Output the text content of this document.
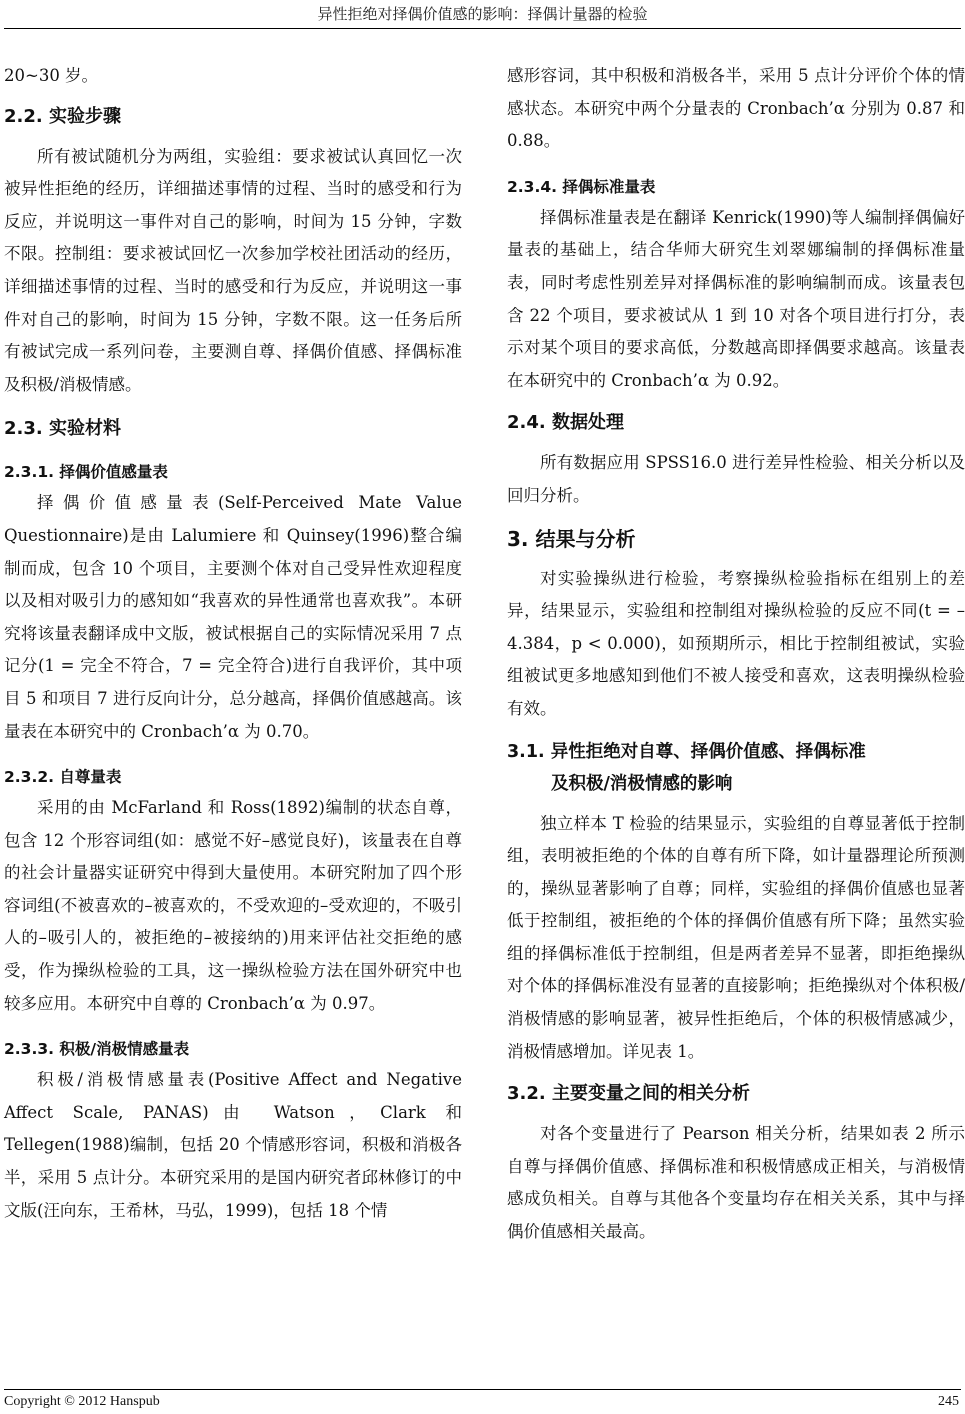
异性拒绝对择偶价值感的影响：择偶计量器的检验

20~30 岁。

2.2. 实验步骤

所有被试随机分为两组，实验组：要求被试认真回忆一次被异性拒绝的经历，详细描述事情的过程、当时的感受和行为反应，并说明这一事件对自己的影响，时间为 15 分钟，字数不限。控制组：要求被试回忆一次参加学校社团活动的经历，详细描述事情的过程、当时的感受和行为反应，并说明这一事件对自己的影响，时间为 15 分钟，字数不限。这一任务后所有被试完成一系列问卷，主要测自尊、择偶价值感、择偶标准及积极/消极情感。

2.3. 实验材料
2.3.1. 择偶价值感量表

择偶价值感量表(Self-Perceived Mate Value Questionnaire)是由 Lalumiere 和 Quinsey(1996)整合编制而成，包含 10 个项目，主要测个体对自己受异性欢迎程度以及相对吸引力的感知如“我喜欢的异性通常也喜欢我”。本研究将该量表翻译成中文版，被试根据自己的实际情况采用 7 点记分(1 = 完全不符合，7 = 完全符合)进行自我评价，其中项目 5 和项目 7 进行反向计分，总分越高，择偶价值感越高。该量表在本研究中的 Cronbach’α 为 0.70。

2.3.2. 自尊量表

采用的由 McFarland 和 Ross(1892)编制的状态自尊，包含 12 个形容词组(如：感觉不好–感觉良好)，该量表在自尊的社会计量器实证研究中得到大量使用。本研究附加了四个形容词组(不被喜欢的–被喜欢的，不受欢迎的–受欢迎的，不吸引人的–吸引人的，被拒绝的–被接纳的)用来评估社交拒绝的感受，作为操纵检验的工具，这一操纵检验方法在国外研究中也较多应用。本研究中自尊的 Cronbach’α 为 0.97。

2.3.3. 积极/消极情感量表

积极/消极情感量表(Positive Affect and Negative Affect Scale, PANAS)由 Watson，Clark 和 Tellegen(1988)编制，包括 20 个情感形容词，积极和消极各半，采用 5 点计分。本研究采用的是国内研究者邱林修订的中文版(汪向东，王希林，马弘，1999)，包括 18 个情

感形容词，其中积极和消极各半，采用 5 点计分评价个体的情感状态。本研究中两个分量表的 Cronbach’α 分别为 0.87 和 0.88。

2.3.4. 择偶标准量表

择偶标准量表是在翻译 Kenrick(1990)等人编制择偶偏好量表的基础上，结合华师大研究生刘翠娜编制的择偶标准量表，同时考虑性别差异对择偶标准的影响编制而成。该量表包含 22 个项目，要求被试从 1 到 10 对各个项目进行打分，表示对某个项目的要求高低，分数越高即择偶要求越高。该量表在本研究中的 Cronbach’α 为 0.92。

2.4. 数据处理

所有数据应用 SPSS16.0 进行差异性检验、相关分析以及回归分析。

3. 结果与分析

对实验操纵进行检验，考察操纵检验指标在组别上的差异，结果显示，实验组和控制组对操纵检验的反应不同(t = –4.384，p < 0.000)，如预期所示，相比于控制组被试，实验组被试更多地感知到他们不被人接受和喜欢，这表明操纵检验有效。

3.1. 异性拒绝对自尊、择偶价值感、择偶标准
及积极/消极情感的影响

独立样本 T 检验的结果显示，实验组的自尊显著低于控制组，表明被拒绝的个体的自尊有所下降，如计量器理论所预测的，操纵显著影响了自尊；同样，实验组的择偶价值感也显著低于控制组，被拒绝的个体的择偶价值感有所下降；虽然实验组的择偶标准低于控制组，但是两者差异不显著，即拒绝操纵对个体的择偶标准没有显著的直接影响；拒绝操纵对个体积极/消极情感的影响显著，被异性拒绝后，个体的积极情感减少，消极情感增加。详见表 1。

3.2. 主要变量之间的相关分析

对各个变量进行了 Pearson 相关分析，结果如表 2 所示自尊与择偶价值感、择偶标准和积极情感成正相关，与消极情感成负相关。自尊与其他各个变量均存在相关关系，其中与择偶价值感相关最高。

Copyright © 2012 Hanspub	245
